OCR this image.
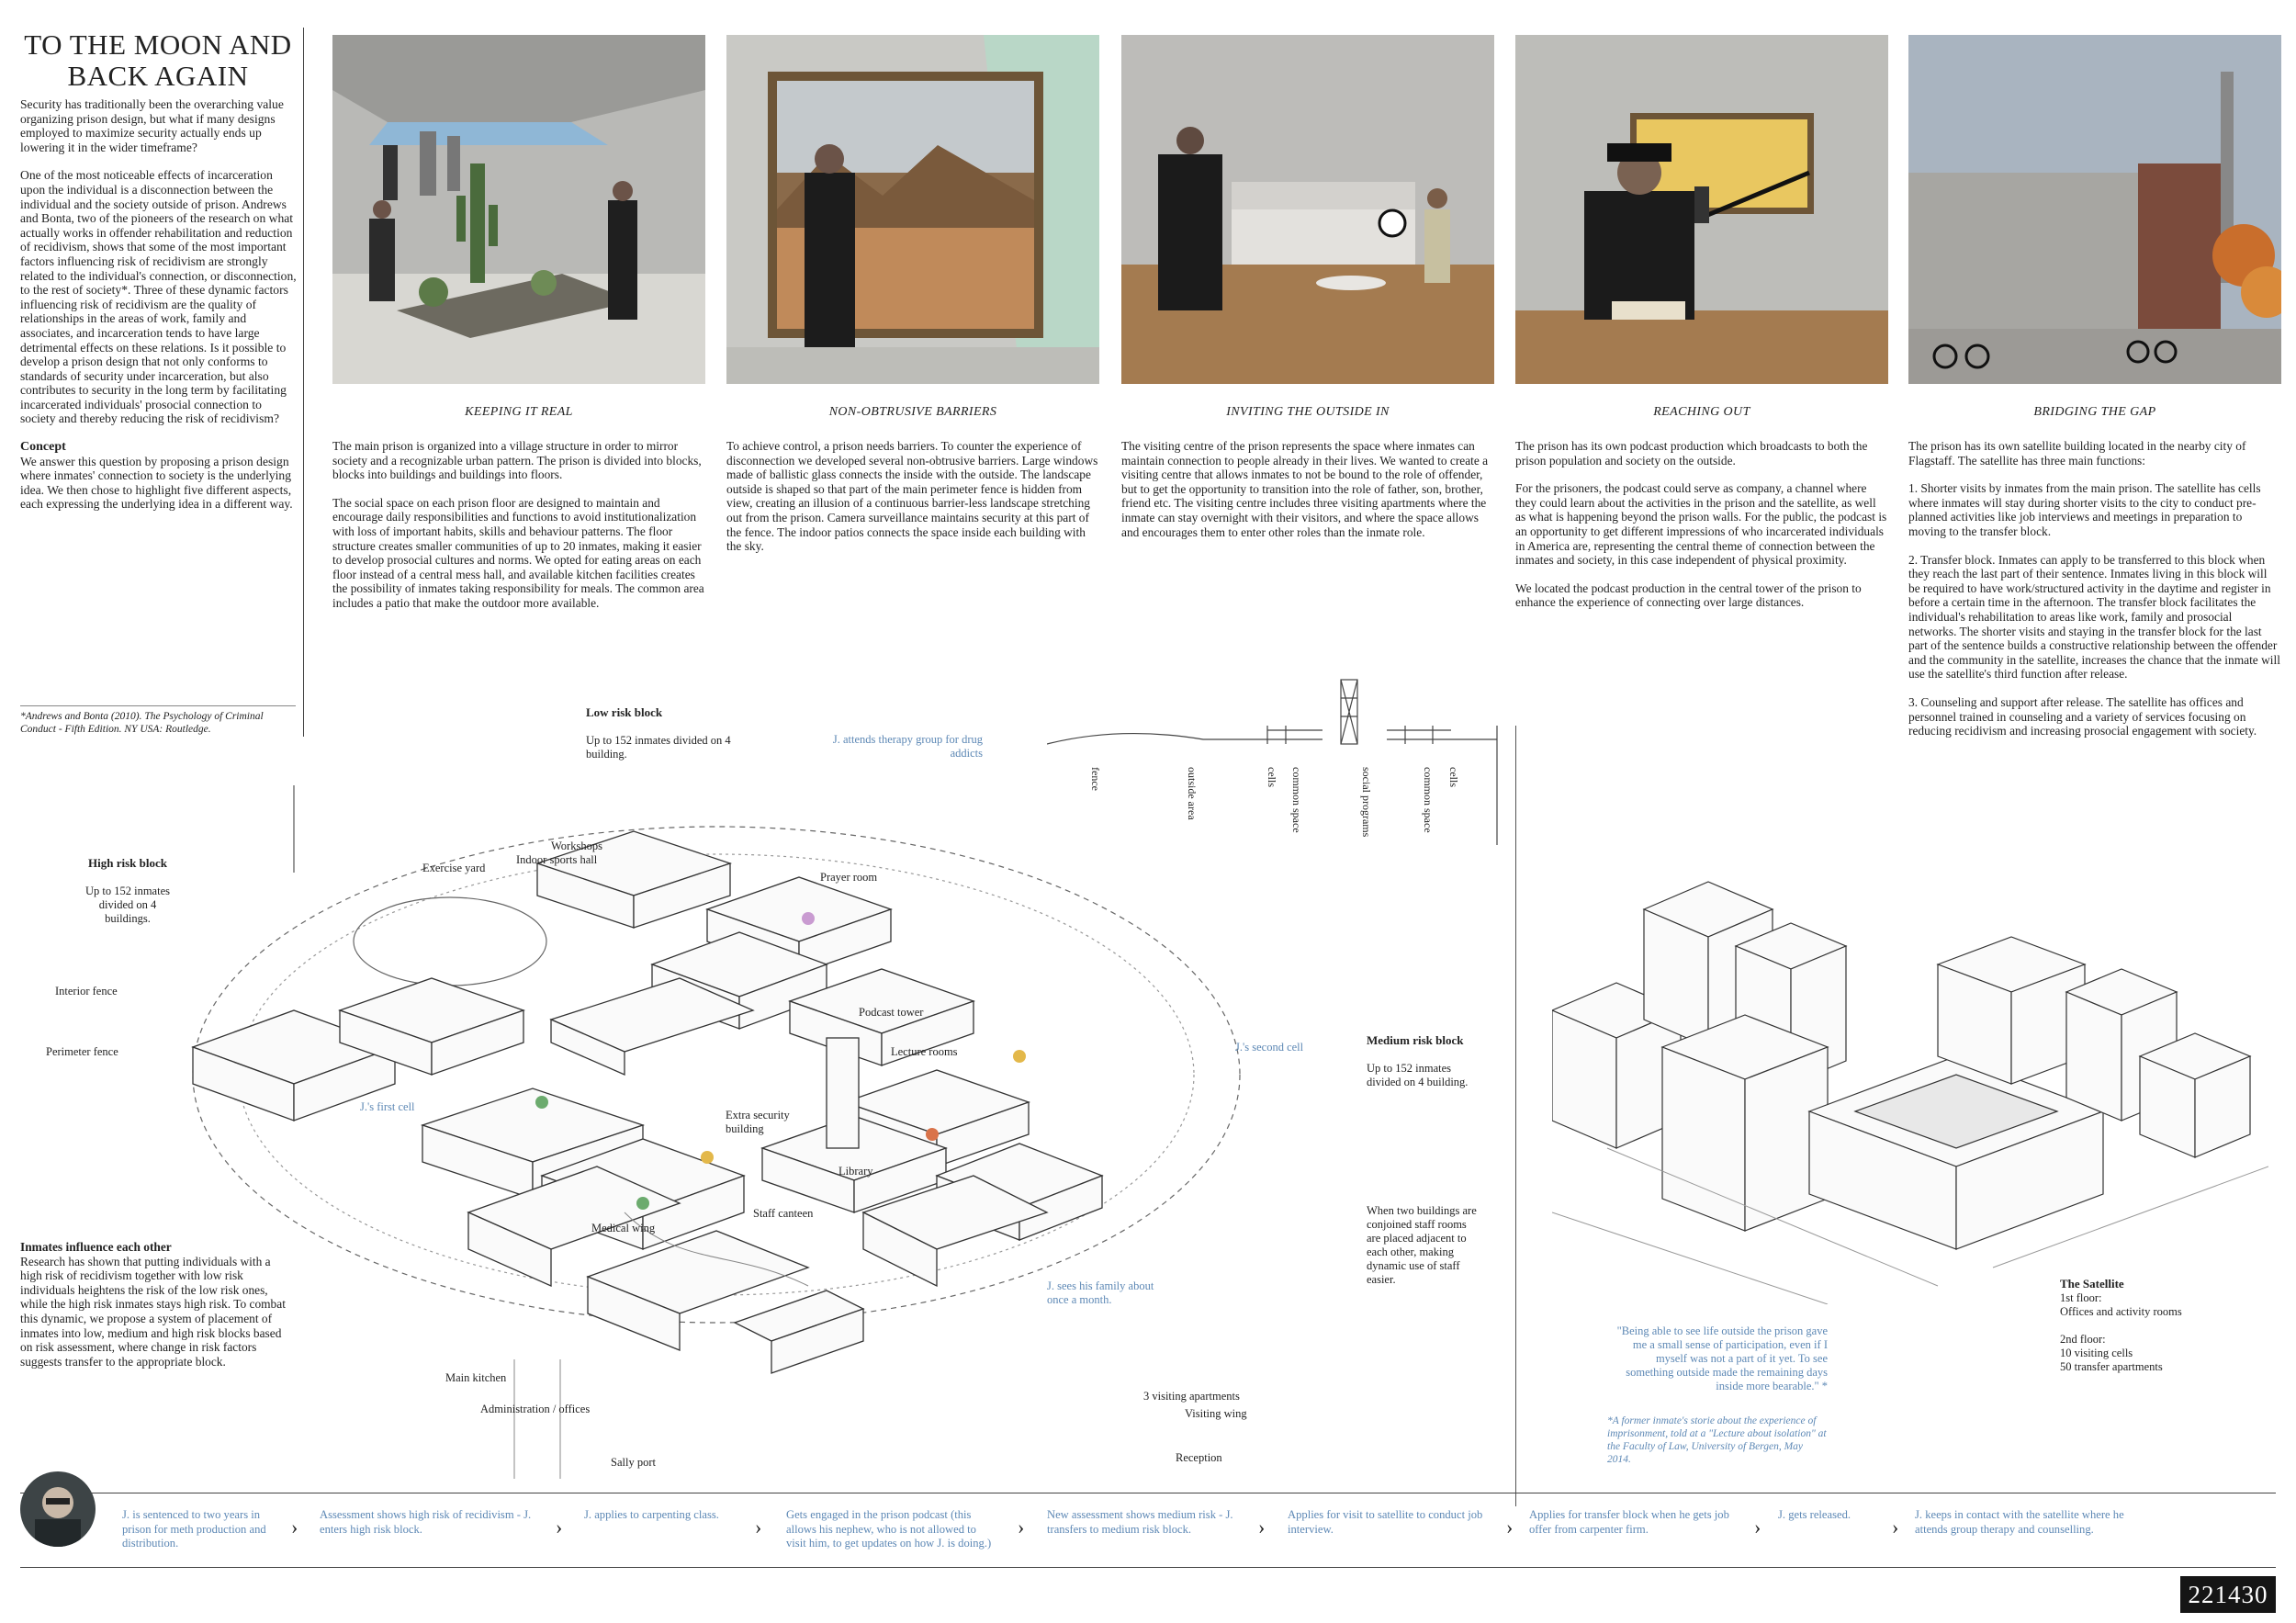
TO THE MOON AND BACK AGAIN

Security has traditionally been the overarching value organizing prison design, but what if many designs employed to maximize security actually ends up lowering it in the wider timeframe?

One of the most noticeable effects of incarceration upon the individual is a disconnection between the individual and the society outside of prison. Andrews and Bonta, two of the pioneers of the research on what actually works in offender rehabilitation and reduction of recidivism, shows that some of the most important factors influencing risk of recidivism are strongly related to the individual's connection, or disconnection, to the rest of society*. Three of these dynamic factors influencing risk of recidivism are the quality of relationships in the areas of work, family and associates, and incarceration tends to have large detrimental effects on these relations. Is it possible to develop a prison design that not only conforms to standards of security under incarceration, but also contributes to security in the long term by facilitating incarcerated individuals' prosocial connection to society and thereby reducing the risk of recidivism?

Concept

We answer this question by proposing a prison design where inmates' connection to society is the underlying idea. We then chose to highlight five different aspects, each expressing the underlying idea in a different way.

*Andrews and Bonta (2010). The Psychology of Criminal Conduct - Fifth Edition. NY USA: Routledge.
KEEPING IT REAL	NON-OBTRUSIVE BARRIERS	INVITING THE OUTSIDE IN	REACHING OUT	BRIDGING THE GAP

The main prison is organized into a village structure in order to mirror society and a recognizable urban pattern. The prison is divided into blocks, blocks into buildings and buildings into floors.

The social space on each prison floor are designed to maintain and encourage daily responsibilities and functions to avoid institutionalization with loss of important habits, skills and behaviour patterns. The floor structure creates smaller communities of up to 20 inmates, making it easier to develop prosocial cultures and norms. We opted for eating areas on each floor instead of a central mess hall, and available kitchen facilities creates the possibility of inmates taking responsibility for meals. The common area includes a patio that make the outdoor more available.

To achieve control, a prison needs barriers. To counter the experience of disconnection we developed several non-obtrusive barriers. Large windows made of ballistic glass connects the inside with the outside. The landscape outside is shaped so that part of the main perimeter fence is hidden from view, creating an illusion of a continuous barrier-less landscape stretching out from the prison. Camera surveillance maintains security at this part of the fence. The indoor patios connects the space inside each building with the sky.

The visiting centre of the prison represents the space where inmates can maintain connection to people already in their lives. We wanted to create a visiting centre that allows inmates to not be bound to the role of offender, but to get the opportunity to transition into the role of father, son, brother, friend etc. The visiting centre includes three visiting apartments where the inmate can stay overnight with their visitors, and where the space allows and encourages them to enter other roles than the inmate role.

The prison has its own podcast production which broadcasts to both the prison population and society on the outside.

For the prisoners, the podcast could serve as company, a channel where they could learn about the activities in the prison and the satellite, as well as what is happening beyond the prison walls. For the public, the podcast is an opportunity to get different impressions of who incarcerated individuals in America are, representing the central theme of connection between the inmates and society, in this case independent of physical proximity.

We located the podcast production in the central tower of the prison to enhance the experience of connecting over large distances.

The prison has its own satellite building located in the nearby city of Flagstaff. The satellite has three main functions:

1. Shorter visits by inmates from the main prison. The satellite has cells where inmates will stay during shorter visits to the city to conduct pre-planned activities like job interviews and meetings in preparation to moving to the transfer block.

2. Transfer block. Inmates can apply to be transferred to this block when they reach the last part of their sentence. Inmates living in this block will be required to have work/structured activity in the daytime and register in before a certain time in the afternoon. The transfer block facilitates the individual's rehabilitation to areas like work, family and prosocial networks. The shorter visits and staying in the transfer block for the last part of the sentence builds a constructive relationship between the offender and the community in the satellite, increases the chance that the inmate will use the satellite's third function after release.

3. Counseling and support after release. The satellite has offices and personnel trained in counseling and a variety of services focusing on reducing recidivism and increasing prosocial engagement with society.

Low risk block

Up to 152 inmates divided on 4 building.
High risk block

Up to 152 inmates divided on 4 buildings.
Medium risk block

Up to 152 inmates divided on 4 building.
J. attends therapy group for drug addicts
Exercise yard
Workshops
Indoor sports hall
Prayer room
Interior fence
Perimeter fence
Podcast tower
Lecture rooms	J.'s second cell
J.'s first cell
Extra security building
Library
Staff canteen
Medical wing
When two buildings are conjoined staff rooms are placed adjacent to each other, making dynamic use of staff easier.
J. sees his family about once a month.
Main kitchen
Administration / offices
Sally port
3 visiting apartments
Visiting wing
Reception
fence	outside area	cells common space	social programs	common space cells
Inmates influence each other
Research has shown that putting individuals with a high risk of recidivism together with low risk individuals heightens the risk of the low risk ones, while the high risk inmates stays high risk. To combat this dynamic, we propose a system of placement of inmates into low, medium and high risk blocks based on risk assessment, where change in risk factors suggests transfer to the appropriate block.
The Satellite
1st floor:
Offices and activity rooms

2nd floor:
10 visiting cells
50 transfer apartments
"Being able to see life outside the prison gave me a small sense of participation, even if I myself was not a part of it yet. To see something outside made the remaining days inside more bearable." *
*A former inmate's storie about the experience of imprisonment, told at a "Lecture about isolation" at the Faculty of Law, University of Bergen, May 2014.
J. is sentenced to two years in prison for meth production and distribution.
›
Assessment shows high risk of recidivism - J. enters high risk block.	›
J. applies to carpenting class.
›
Gets engaged in the prison podcast (this allows his nephew, who is not allowed to visit him, to get updates on how J. is doing.)
›
New assessment shows medium risk - J. transfers to medium risk block.	›
Applies for visit to satellite to conduct job interview.	›
Applies for transfer block when he gets job offer from carpenter firm.	›
J. gets released.
›
J. keeps in contact with the satellite where he attends group therapy and counselling.
221430
